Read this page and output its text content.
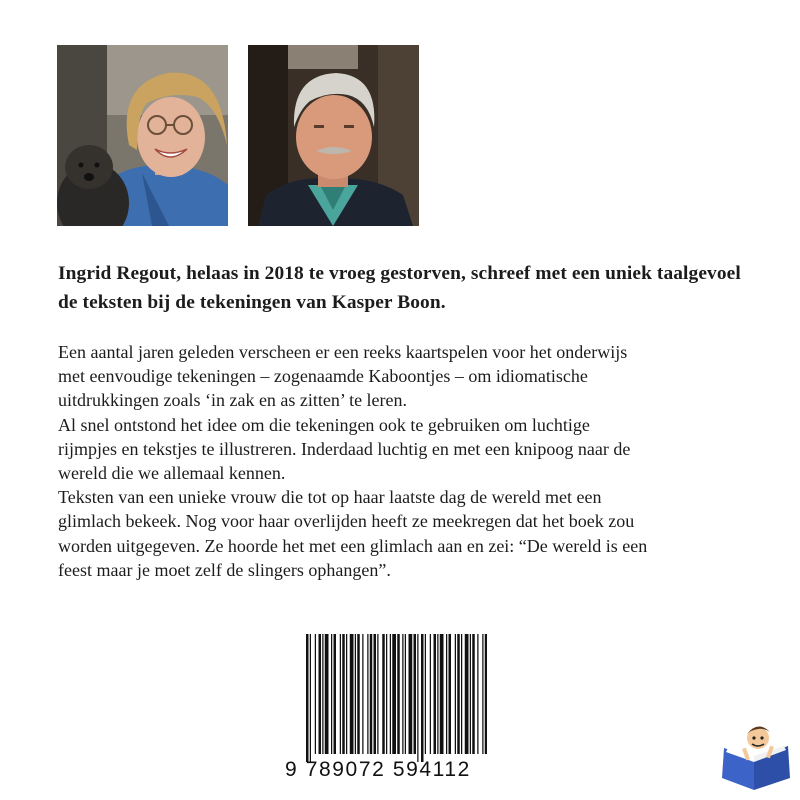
Ingrid Regout, helaas in 2018 te vroeg gestorven, schreef met een uniek taalgevoel de teksten bij de tekeningen van Kasper Boon.

Een aantal jaren geleden verscheen er een reeks kaartspelen voor het onderwijs
met eenvoudige tekeningen – zogenaamde Kaboontjes – om idiomatische
uitdrukkingen zoals ‘in zak en as zitten’ te leren.
Al snel ontstond het idee om die tekeningen ook te gebruiken om luchtige
rijmpjes en tekstjes te illustreren. Inderdaad luchtig en met een knipoog naar de
wereld die we allemaal kennen.
Teksten van een unieke vrouw die tot op haar laatste dag de wereld met een
glimlach bekeek. Nog voor haar overlijden heeft ze meekregen dat het boek zou
worden uitgegeven. Ze hoorde het met een glimlach aan en zei: “De wereld is een
feest maar je moet zelf de slingers ophangen”.
9 789072 594112
